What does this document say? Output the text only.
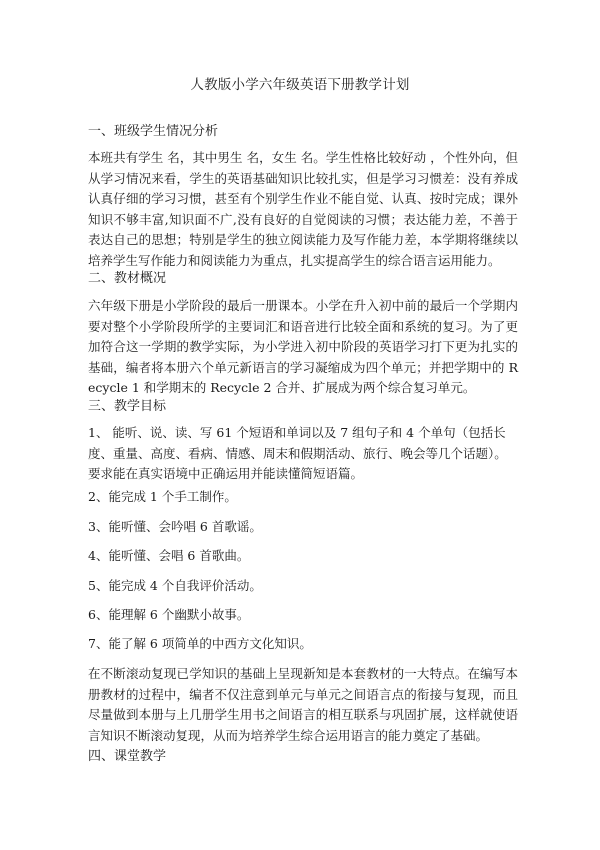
人教版小学六年级英语下册教学计划
一、班级学生情况分析
本班共有学生 名，其中男生 名，女生 名。学生性格比较好动 ，个性外向，但从学习情况来看，学生的英语基础知识比较扎实，但是学习习惯差：没有养成认真仔细的学习习惯，甚至有个别学生作业不能自觉、认真、按时完成；课外知识不够丰富,知识面不广,没有良好的自觉阅读的习惯；表达能力差，不善于表达自己的思想；特别是学生的独立阅读能力及写作能力差，本学期将继续以培养学生写作能力和阅读能力为重点，扎实提高学生的综合语言运用能力。
二、教材概况
六年级下册是小学阶段的最后一册课本。小学在升入初中前的最后一个学期内要对整个小学阶段所学的主要词汇和语音进行比较全面和系统的复习。为了更加符合这一学期的教学实际，为小学进入初中阶段的英语学习打下更为扎实的基础，编者将本册六个单元新语言的学习凝缩成为四个单元；并把学期中的 Recycle 1 和学期末的 Recycle 2 合并、扩展成为两个综合复习单元。
三、教学目标
1、 能听、说、读、写 61 个短语和单词以及 7 组句子和 4 个单句（包括长度、重量、高度、看病、情感、周末和假期活动、旅行、晚会等几个话题）。要求能在真实语境中正确运用并能读懂简短语篇。
2、能完成 1 个手工制作。
3、能听懂、会吟唱 6 首歌谣。
4、能听懂、会唱 6 首歌曲。
5、能完成 4 个自我评价活动。
6、能理解 6 个幽默小故事。
7、能了解 6 项简单的中西方文化知识。
在不断滚动复现已学知识的基础上呈现新知是本套教材的一大特点。在编写本册教材的过程中，编者不仅注意到单元与单元之间语言点的衔接与复现，而且尽量做到本册与上几册学生用书之间语言的相互联系与巩固扩展，这样就使语言知识不断滚动复现，从而为培养学生综合运用语言的能力奠定了基础。
四、课堂教学
